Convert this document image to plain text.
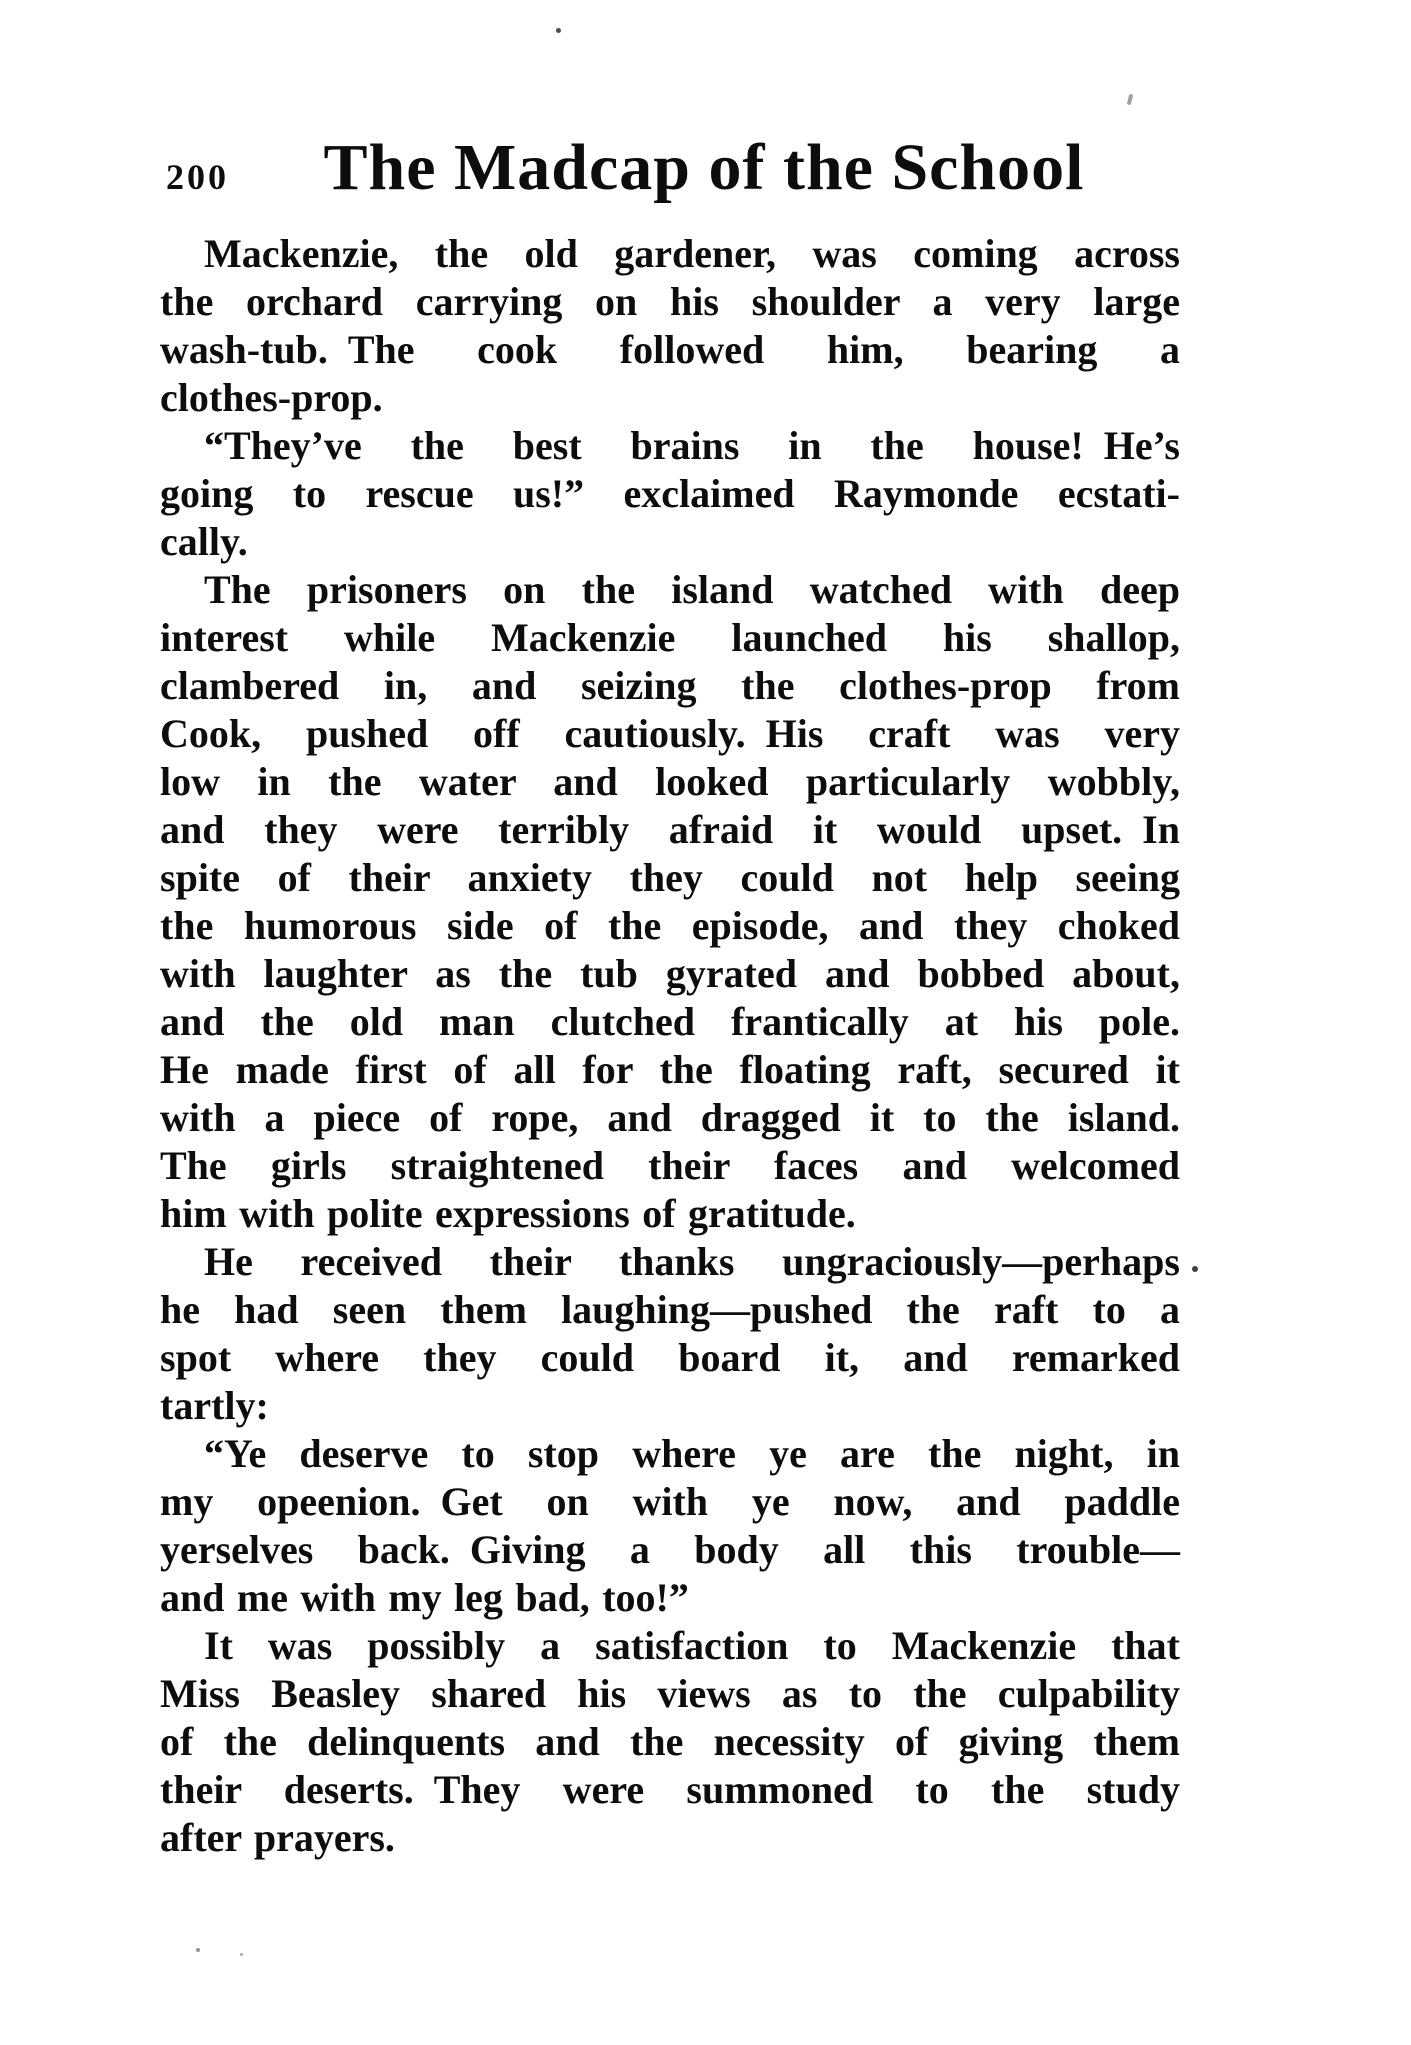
200 The Madcap of the School
Mackenzie, the old gardener, was coming across
the orchard carrying on his shoulder a very large
wash-tub. The cook followed him, bearing a
clothes-prop.
“They’ve the best brains in the house! He’s
going to rescue us!” exclaimed Raymonde ecstati-
cally.
The prisoners on the island watched with deep
interest while Mackenzie launched his shallop,
clambered in, and seizing the clothes-prop from
Cook, pushed off cautiously. His craft was very
low in the water and looked particularly wobbly,
and they were terribly afraid it would upset. In
spite of their anxiety they could not help seeing
the humorous side of the episode, and they choked
with laughter as the tub gyrated and bobbed about,
and the old man clutched frantically at his pole.
He made first of all for the floating raft, secured it
with a piece of rope, and dragged it to the island.
The girls straightened their faces and welcomed
him with polite expressions of gratitude.
He received their thanks ungraciously—perhaps
he had seen them laughing—pushed the raft to a
spot where they could board it, and remarked
tartly:
“Ye deserve to stop where ye are the night, in
my opeenion. Get on with ye now, and paddle
yerselves back. Giving a body all this trouble—
and me with my leg bad, too!”
It was possibly a satisfaction to Mackenzie that
Miss Beasley shared his views as to the culpability
of the delinquents and the necessity of giving them
their deserts. They were summoned to the study
after prayers.
